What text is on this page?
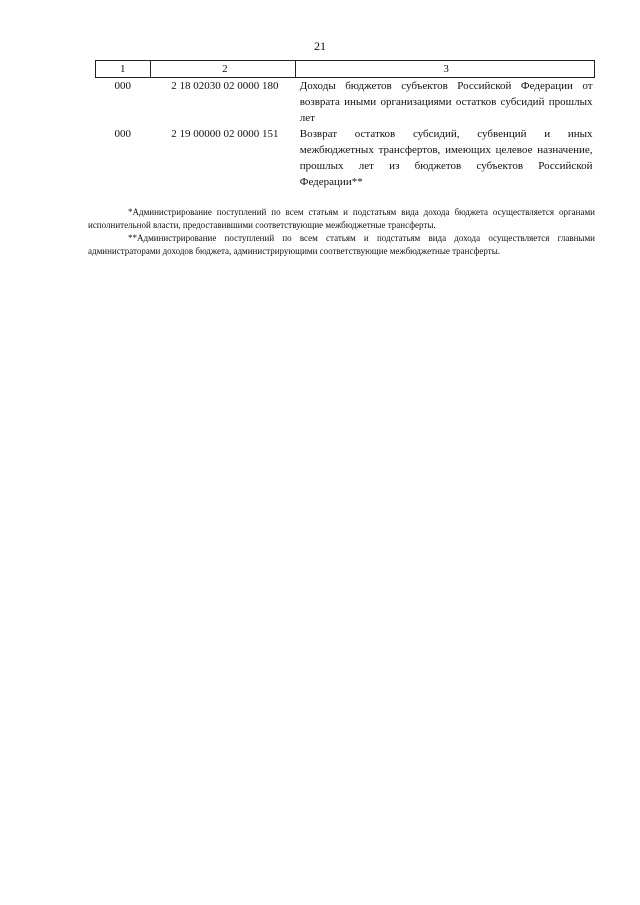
21
1	2	3
000	2 18 02030 02 0000 180	Доходы бюджетов субъектов Российской Федерации от возврата иными организациями остатков субсидий прошлых лет
000	2 19 00000 02 0000 151	Возврат остатков субсидий, субвенций и иных межбюджетных трансфертов, имеющих целевое назначение, прошлых лет из бюджетов субъектов Российской Федерации**

*Администрирование поступлений по всем статьям и подстатьям вида дохода бюджета осуществляется органами исполнительной власти, предоставившими соответствующие межбюджетные трансферты.

**Администрирование поступлений по всем статьям и подстатьям вида дохода осуществляется главными администраторами доходов бюджета, администрирующими соответствующие межбюджетные трансферты.
